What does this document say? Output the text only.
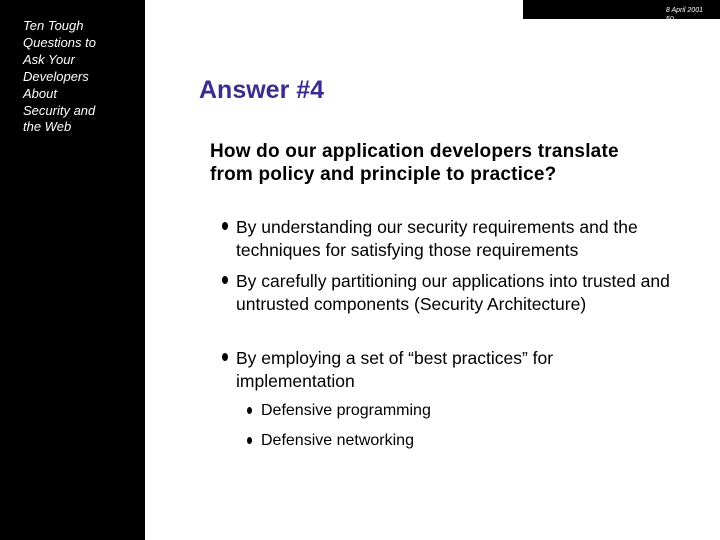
Ten Tough
Questions to
Ask Your
Developers
About
Security and
the Web
8 April 2001
50
Answer #4
How do our application developers translate from policy and principle to practice?
By understanding our security requirements and the techniques for satisfying those requirements
By carefully partitioning our applications into trusted and untrusted components (Security Architecture)
By employing a set of “best practices” for implementation
Defensive programming
Defensive networking
